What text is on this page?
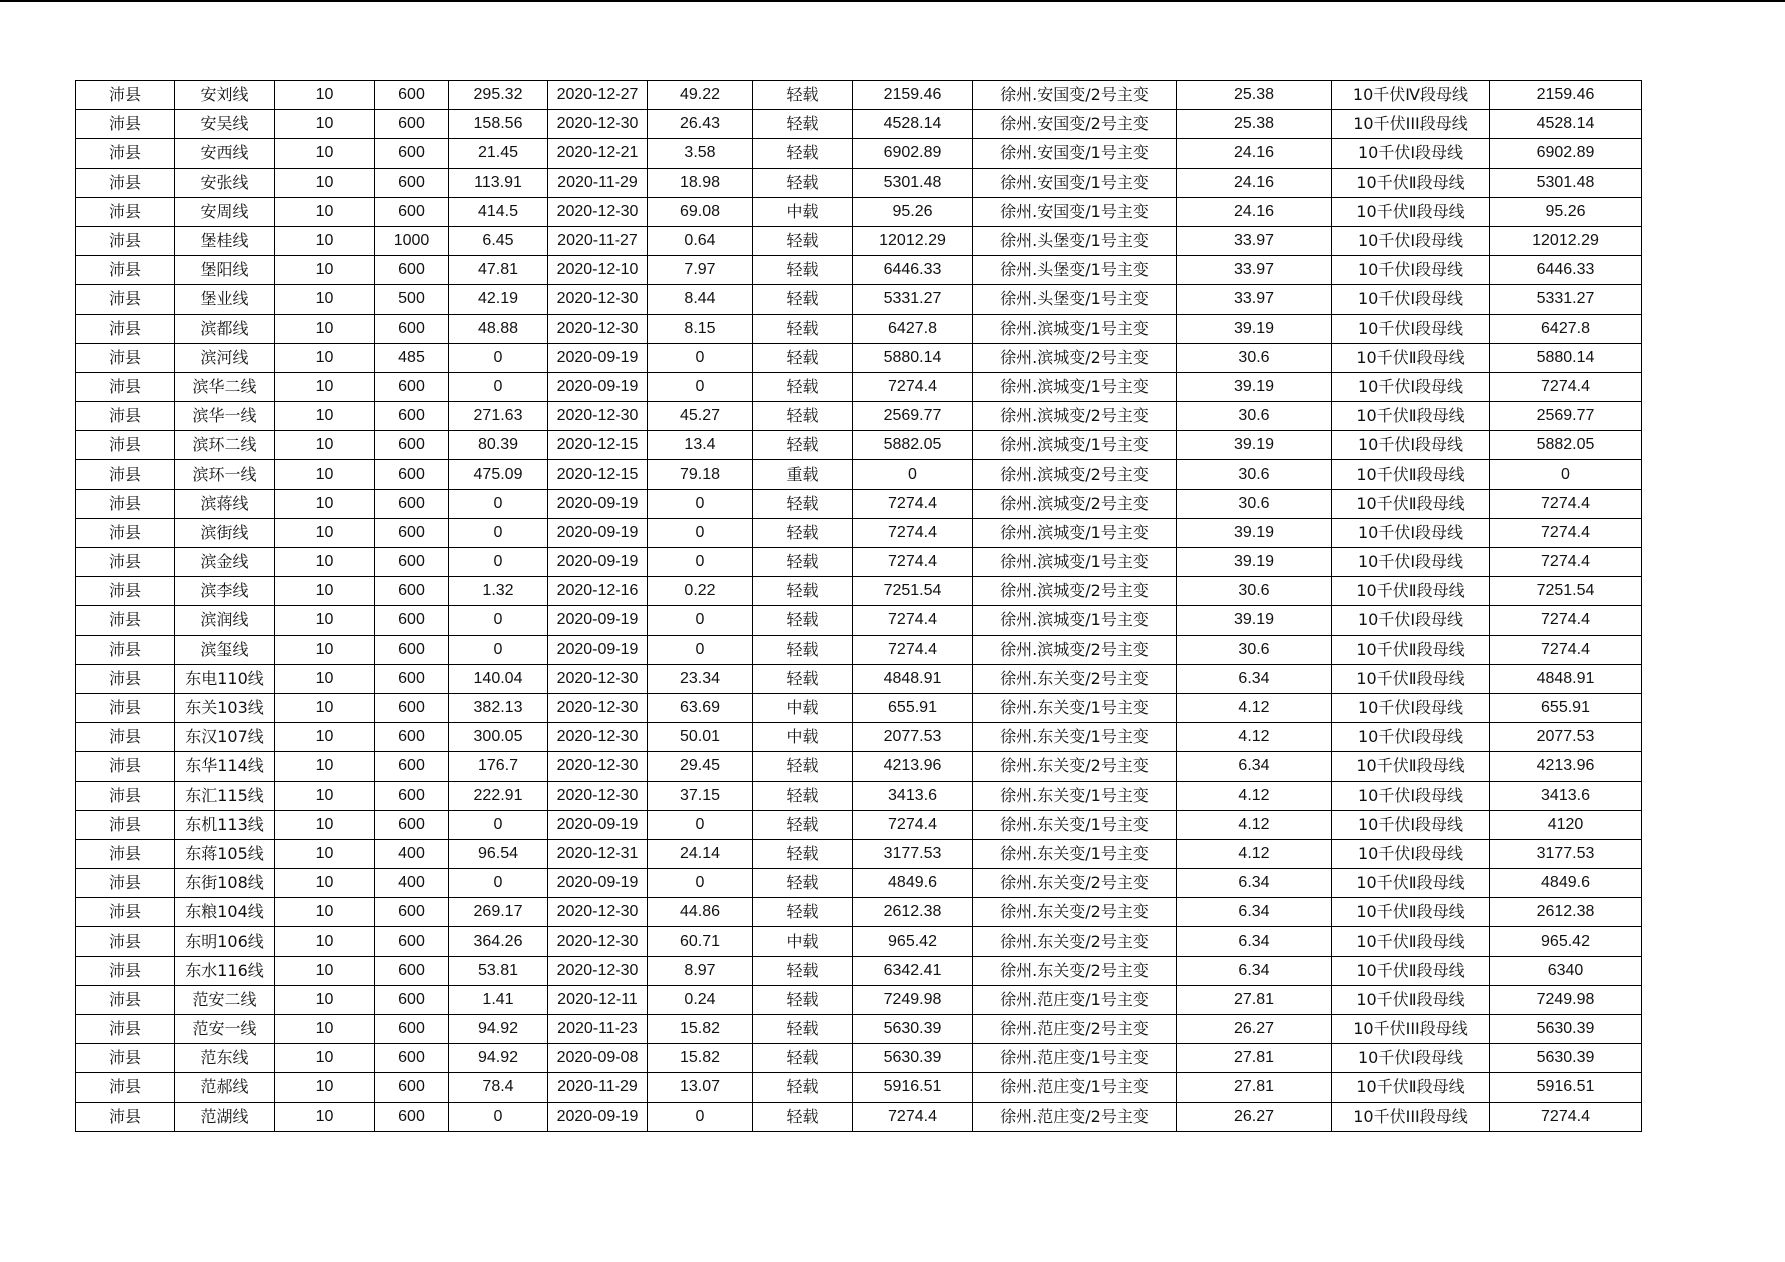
沛县	安刘线	10	600	295.32	2020-12-27	49.22	轻载	2159.46	徐州.安国变/2号主变	25.38	10千伏Ⅳ段母线	2159.46
沛县	安吴线	10	600	158.56	2020-12-30	26.43	轻载	4528.14	徐州.安国变/2号主变	25.38	10千伏III段母线	4528.14
沛县	安西线	10	600	21.45	2020-12-21	3.58	轻载	6902.89	徐州.安国变/1号主变	24.16	10千伏Ⅰ段母线	6902.89
沛县	安张线	10	600	113.91	2020-11-29	18.98	轻载	5301.48	徐州.安国变/1号主变	24.16	10千伏Ⅱ段母线	5301.48
沛县	安周线	10	600	414.5	2020-12-30	69.08	中载	95.26	徐州.安国变/1号主变	24.16	10千伏Ⅱ段母线	95.26
沛县	堡桂线	10	1000	6.45	2020-11-27	0.64	轻载	12012.29	徐州.头堡变/1号主变	33.97	10千伏Ⅰ段母线	12012.29
沛县	堡阳线	10	600	47.81	2020-12-10	7.97	轻载	6446.33	徐州.头堡变/1号主变	33.97	10千伏Ⅰ段母线	6446.33
沛县	堡业线	10	500	42.19	2020-12-30	8.44	轻载	5331.27	徐州.头堡变/1号主变	33.97	10千伏Ⅰ段母线	5331.27
沛县	滨都线	10	600	48.88	2020-12-30	8.15	轻载	6427.8	徐州.滨城变/1号主变	39.19	10千伏Ⅰ段母线	6427.8
沛县	滨河线	10	485	0	2020-09-19	0	轻载	5880.14	徐州.滨城变/2号主变	30.6	10千伏Ⅱ段母线	5880.14
沛县	滨华二线	10	600	0	2020-09-19	0	轻载	7274.4	徐州.滨城变/1号主变	39.19	10千伏Ⅰ段母线	7274.4
沛县	滨华一线	10	600	271.63	2020-12-30	45.27	轻载	2569.77	徐州.滨城变/2号主变	30.6	10千伏Ⅱ段母线	2569.77
沛县	滨环二线	10	600	80.39	2020-12-15	13.4	轻载	5882.05	徐州.滨城变/1号主变	39.19	10千伏Ⅰ段母线	5882.05
沛县	滨环一线	10	600	475.09	2020-12-15	79.18	重载	0	徐州.滨城变/2号主变	30.6	10千伏Ⅱ段母线	0
沛县	滨蒋线	10	600	0	2020-09-19	0	轻载	7274.4	徐州.滨城变/2号主变	30.6	10千伏Ⅱ段母线	7274.4
沛县	滨街线	10	600	0	2020-09-19	0	轻载	7274.4	徐州.滨城变/1号主变	39.19	10千伏Ⅰ段母线	7274.4
沛县	滨金线	10	600	0	2020-09-19	0	轻载	7274.4	徐州.滨城变/1号主变	39.19	10千伏Ⅰ段母线	7274.4
沛县	滨李线	10	600	1.32	2020-12-16	0.22	轻载	7251.54	徐州.滨城变/2号主变	30.6	10千伏Ⅱ段母线	7251.54
沛县	滨润线	10	600	0	2020-09-19	0	轻载	7274.4	徐州.滨城变/1号主变	39.19	10千伏Ⅰ段母线	7274.4
沛县	滨玺线	10	600	0	2020-09-19	0	轻载	7274.4	徐州.滨城变/2号主变	30.6	10千伏Ⅱ段母线	7274.4
沛县	东电110线	10	600	140.04	2020-12-30	23.34	轻载	4848.91	徐州.东关变/2号主变	6.34	10千伏Ⅱ段母线	4848.91
沛县	东关103线	10	600	382.13	2020-12-30	63.69	中载	655.91	徐州.东关变/1号主变	4.12	10千伏Ⅰ段母线	655.91
沛县	东汉107线	10	600	300.05	2020-12-30	50.01	中载	2077.53	徐州.东关变/1号主变	4.12	10千伏Ⅰ段母线	2077.53
沛县	东华114线	10	600	176.7	2020-12-30	29.45	轻载	4213.96	徐州.东关变/2号主变	6.34	10千伏Ⅱ段母线	4213.96
沛县	东汇115线	10	600	222.91	2020-12-30	37.15	轻载	3413.6	徐州.东关变/1号主变	4.12	10千伏Ⅰ段母线	3413.6
沛县	东机113线	10	600	0	2020-09-19	0	轻载	7274.4	徐州.东关变/1号主变	4.12	10千伏Ⅰ段母线	4120
沛县	东蒋105线	10	400	96.54	2020-12-31	24.14	轻载	3177.53	徐州.东关变/1号主变	4.12	10千伏Ⅰ段母线	3177.53
沛县	东街108线	10	400	0	2020-09-19	0	轻载	4849.6	徐州.东关变/2号主变	6.34	10千伏Ⅱ段母线	4849.6
沛县	东粮104线	10	600	269.17	2020-12-30	44.86	轻载	2612.38	徐州.东关变/2号主变	6.34	10千伏Ⅱ段母线	2612.38
沛县	东明106线	10	600	364.26	2020-12-30	60.71	中载	965.42	徐州.东关变/2号主变	6.34	10千伏Ⅱ段母线	965.42
沛县	东水116线	10	600	53.81	2020-12-30	8.97	轻载	6342.41	徐州.东关变/2号主变	6.34	10千伏Ⅱ段母线	6340
沛县	范安二线	10	600	1.41	2020-12-11	0.24	轻载	7249.98	徐州.范庄变/1号主变	27.81	10千伏Ⅱ段母线	7249.98
沛县	范安一线	10	600	94.92	2020-11-23	15.82	轻载	5630.39	徐州.范庄变/2号主变	26.27	10千伏III段母线	5630.39
沛县	范东线	10	600	94.92	2020-09-08	15.82	轻载	5630.39	徐州.范庄变/1号主变	27.81	10千伏Ⅰ段母线	5630.39
沛县	范郝线	10	600	78.4	2020-11-29	13.07	轻载	5916.51	徐州.范庄变/1号主变	27.81	10千伏Ⅱ段母线	5916.51
沛县	范湖线	10	600	0	2020-09-19	0	轻载	7274.4	徐州.范庄变/2号主变	26.27	10千伏III段母线	7274.4
